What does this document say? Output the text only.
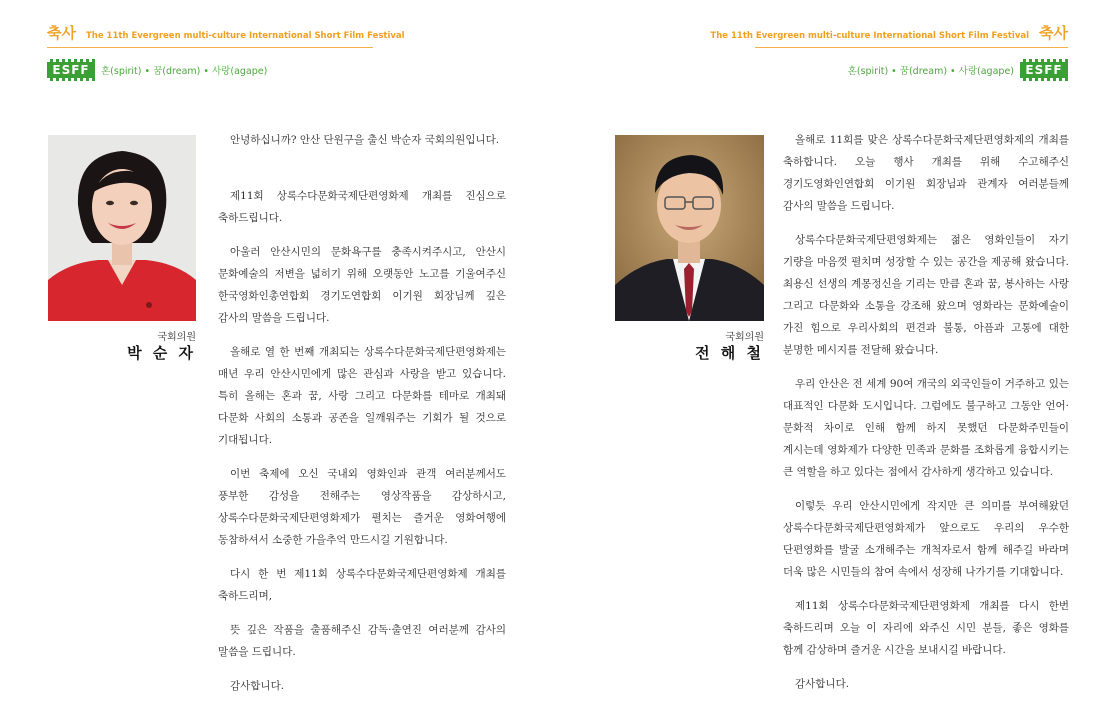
축사 The 11th Evergreen multi-culture International Short Film Festival
ESFF	혼(spirit) • 꿈(dream) • 사랑(agape)
국회의원
박 순 자

안녕하십니까? 안산 단원구을 출신 박순자 국회의원입니다.

제11회 상록수다문화국제단편영화제 개최를 진심으로 축하드립니다.

아울러 안산시민의 문화욕구를 충족시켜주시고, 안산시 문화예술의 저변을 넓히기 위해 오랫동안 노고를 기울여주신 한국영화인총연합회 경기도연합회 이기원 회장님께 깊은 감사의 말씀을 드립니다.

올해로 열 한 번째 개최되는 상록수다문화국제단편영화제는 매년 우리 안산시민에게 많은 관심과 사랑을 받고 있습니다. 특히 올해는 혼과 꿈, 사랑 그리고 다문화를 테마로 개최돼 다문화 사회의 소통과 공존을 일깨워주는 기회가 될 것으로 기대됩니다.

이번 축제에 오신 국내외 영화인과 관객 여러분께서도 풍부한 감성을 전해주는 영상작품을 감상하시고, 상록수다문화국제단편영화제가 펼치는 즐거운 영화여행에 동참하셔서 소중한 가을추억 만드시길 기원합니다.

다시 한 번 제11회 상록수다문화국제단편영화제 개최를 축하드리며,

뜻 깊은 작품을 출품해주신 감독·출연진 여러분께 감사의 말씀을 드립니다.

감사합니다.

The 11th Evergreen multi-culture International Short Film Festival 축사
혼(spirit) • 꿈(dream) • 사랑(agape) ESFF
국회의원
전 해 철

올해로 11회를 맞은 상록수다문화국제단편영화제의 개최를 축하합니다. 오늘 행사 개최를 위해 수고해주신 경기도영화인연합회 이기원 회장님과 관계자 여러분들께 감사의 말씀을 드립니다.

상록수다문화국제단편영화제는 젊은 영화인들이 자기 기량을 마음껏 펼치며 성장할 수 있는 공간을 제공해 왔습니다. 최용신 선생의 계몽정신을 기리는 만큼 혼과 꿈, 봉사하는 사랑 그리고 다문화와 소통을 강조해 왔으며 영화라는 문화예술이 가진 힘으로 우리사회의 편견과 불통, 아픔과 고통에 대한 분명한 메시지를 전달해 왔습니다.

우리 안산은 전 세계 90여 개국의 외국인들이 거주하고 있는 대표적인 다문화 도시입니다. 그럼에도 불구하고 그동안 언어·문화적 차이로 인해 함께 하지 못했던 다문화주민들이 계시는데 영화제가 다양한 민족과 문화를 조화롭게 융합시키는 큰 역할을 하고 있다는 점에서 감사하게 생각하고 있습니다.

이렇듯 우리 안산시민에게 작지만 큰 의미를 부여해왔던 상록수다문화국제단편영화제가 앞으로도 우리의 우수한 단편영화를 발굴 소개해주는 개척자로서 함께 해주길 바라며 더욱 많은 시민들의 참여 속에서 성장해 나가기를 기대합니다.

제11회 상록수다문화국제단편영화제 개최를 다시 한번 축하드리며 오늘 이 자리에 와주신 시민 분들, 좋은 영화를 함께 감상하며 즐거운 시간을 보내시길 바랍니다.

감사합니다.
